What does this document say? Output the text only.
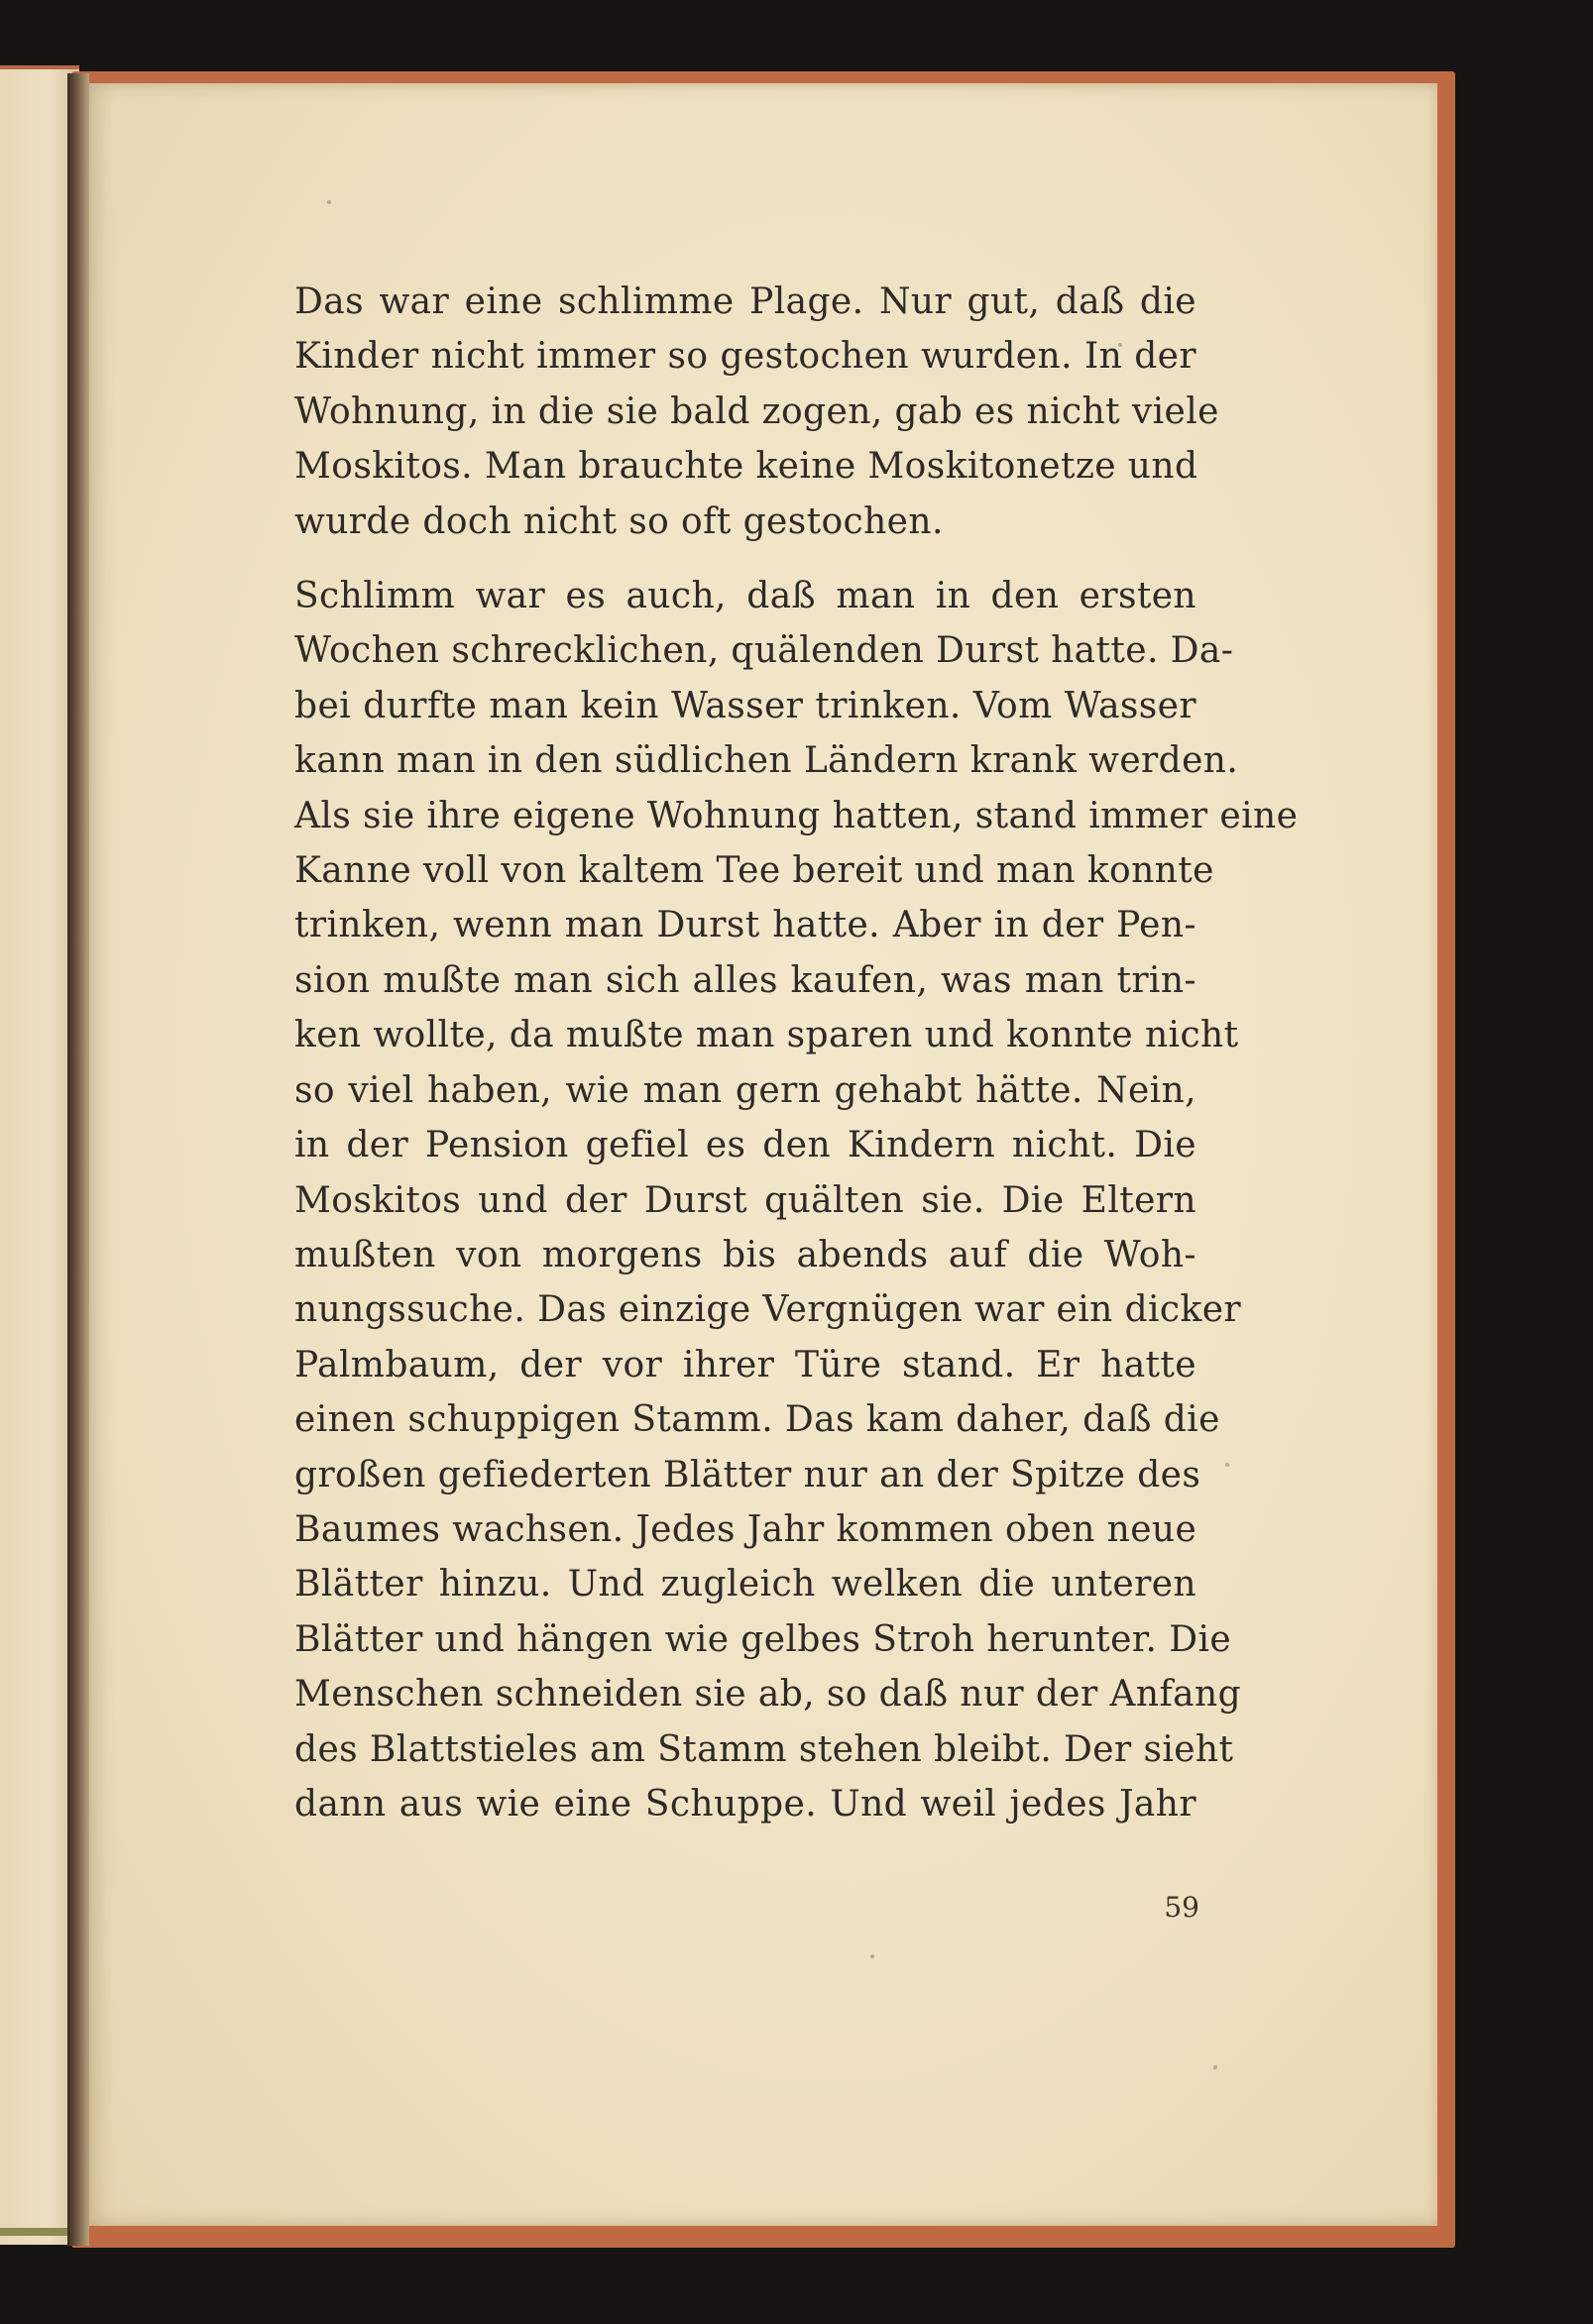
Das war eine schlimme Plage. Nur gut, daß die
Kinder nicht immer so gestochen wurden. In der
Wohnung, in die sie bald zogen, gab es nicht viele
Moskitos. Man brauchte keine Moskitonetze und
wurde doch nicht so oft gestochen.

Schlimm war es auch, daß man in den ersten
Wochen schrecklichen, quälenden Durst hatte. Da-
bei durfte man kein Wasser trinken. Vom Wasser
kann man in den südlichen Ländern krank werden.
Als sie ihre eigene Wohnung hatten, stand immer eine
Kanne voll von kaltem Tee bereit und man konnte
trinken, wenn man Durst hatte. Aber in der Pen-
sion mußte man sich alles kaufen, was man trin-
ken wollte, da mußte man sparen und konnte nicht
so viel haben, wie man gern gehabt hätte. Nein,
in der Pension gefiel es den Kindern nicht. Die
Moskitos und der Durst quälten sie. Die Eltern
mußten von morgens bis abends auf die Woh-
nungssuche. Das einzige Vergnügen war ein dicker
Palmbaum, der vor ihrer Türe stand. Er hatte
einen schuppigen Stamm. Das kam daher, daß die
großen gefiederten Blätter nur an der Spitze des
Baumes wachsen. Jedes Jahr kommen oben neue
Blätter hinzu. Und zugleich welken die unteren
Blätter und hängen wie gelbes Stroh herunter. Die
Menschen schneiden sie ab, so daß nur der Anfang
des Blattstieles am Stamm stehen bleibt. Der sieht
dann aus wie eine Schuppe. Und weil jedes Jahr

59
